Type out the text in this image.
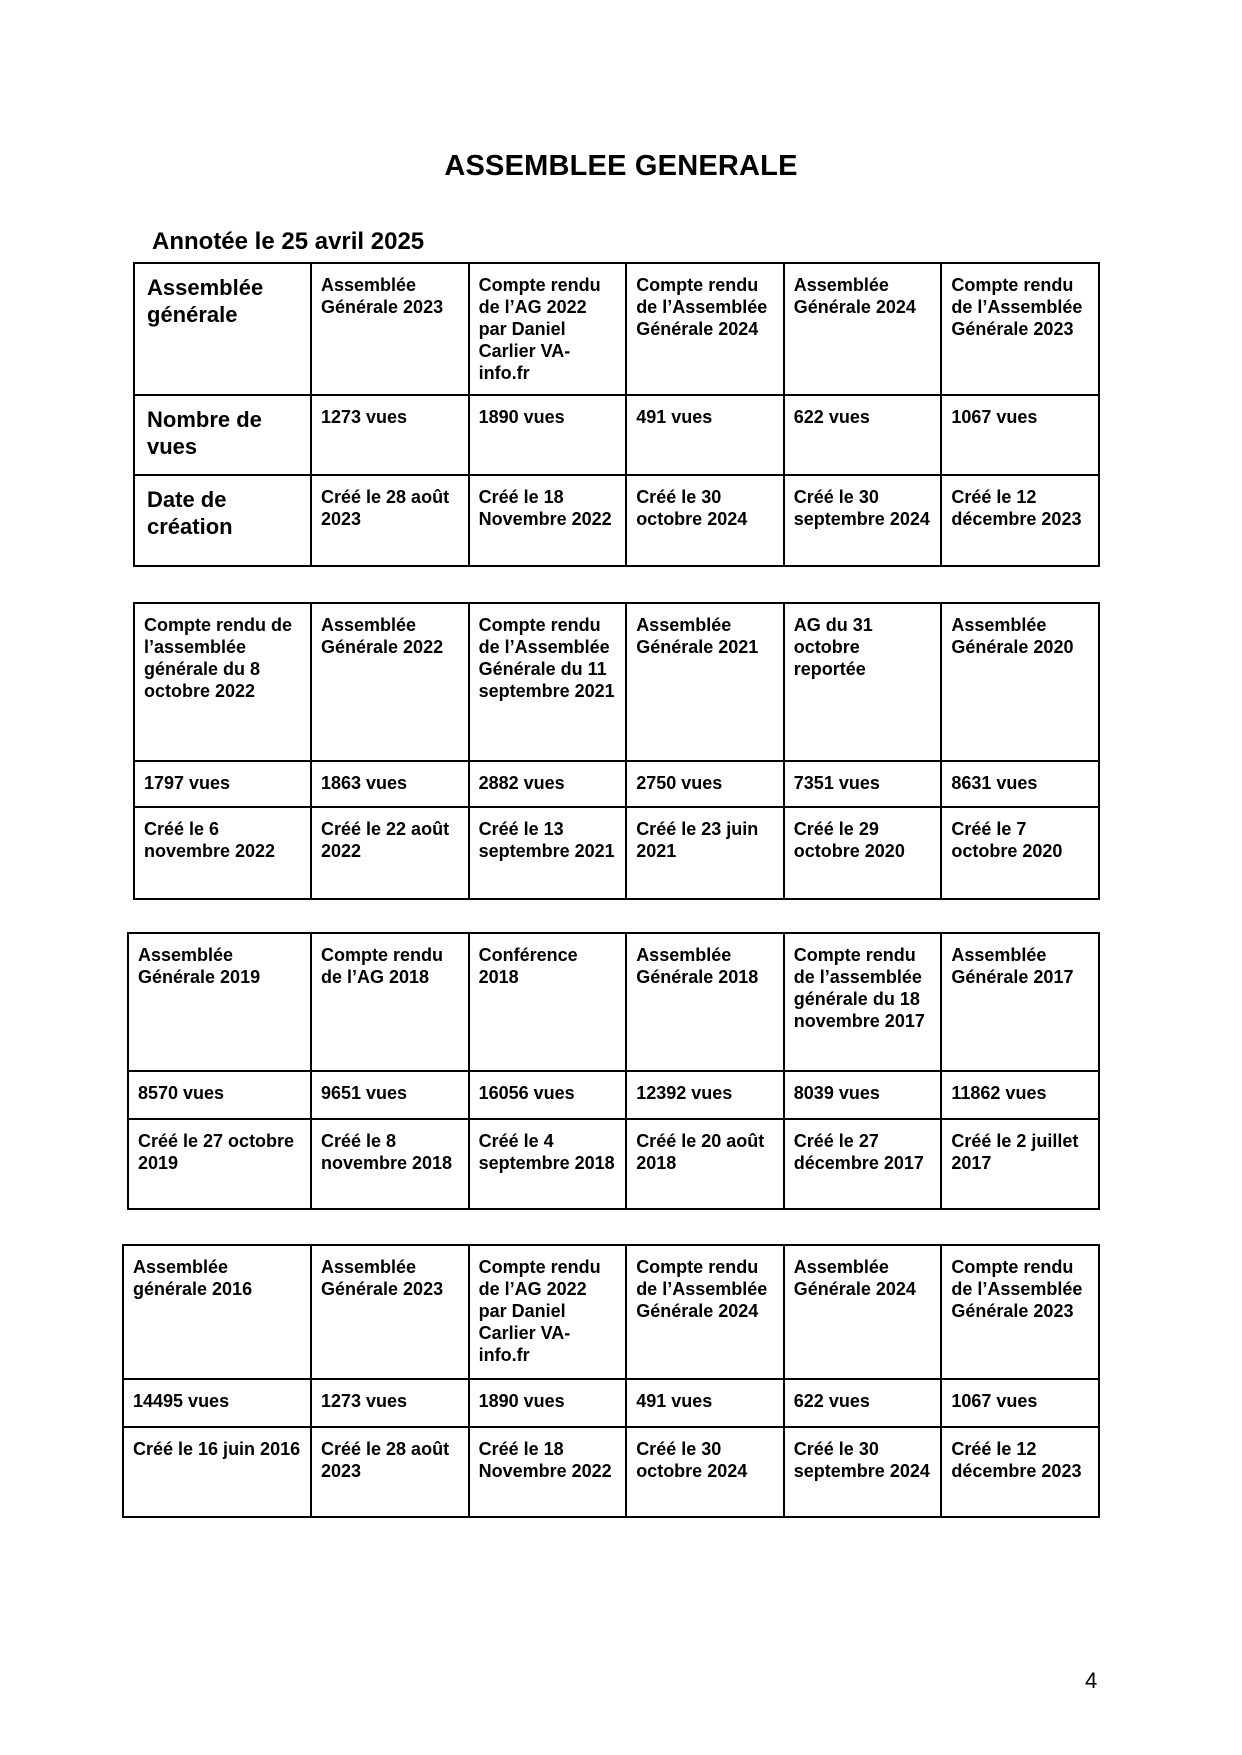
ASSEMBLEE GENERALE
Annotée le 25 avril 2025
Assemblée générale	Assemblée Générale 2023	Compte rendu de l’AG 2022 par Daniel Carlier VA-info.fr	Compte rendu de l’Assemblée Générale 2024	Assemblée Générale 2024	Compte rendu de l’Assemblée Générale 2023
Nombre de vues	1273 vues	1890 vues	491 vues	622 vues	1067 vues
Date de création	Créé le 28 août 2023	Créé le 18 Novembre 2022	Créé le 30 octobre 2024	Créé le 30 septembre 2024	Créé le 12 décembre 2023
Compte rendu de l’assemblée générale du 8 octobre 2022	Assemblée Générale 2022	Compte rendu de l’Assemblée Générale du 11 septembre 2021	Assemblée Générale 2021	AG du 31 octobre reportée	Assemblée Générale 2020
1797 vues	1863 vues	2882 vues	2750 vues	7351 vues	8631 vues
Créé le 6 novembre 2022	Créé le 22 août 2022	Créé le 13 septembre 2021	Créé le 23 juin 2021	Créé le 29 octobre 2020	Créé le 7 octobre 2020
Assemblée Générale 2019	Compte rendu de l’AG 2018	Conférence 2018	Assemblée Générale 2018	Compte rendu de l’assemblée générale du 18 novembre 2017	Assemblée Générale 2017
8570 vues	9651 vues	16056 vues	12392 vues	8039 vues	11862 vues
Créé le 27 octobre 2019	Créé le 8 novembre 2018	Créé le 4 septembre 2018	Créé le 20 août 2018	Créé le 27 décembre 2017	Créé le 2 juillet 2017
Assemblée générale 2016	Assemblée Générale 2023	Compte rendu de l’AG 2022 par Daniel Carlier VA-info.fr	Compte rendu de l’Assemblée Générale 2024	Assemblée Générale 2024	Compte rendu de l’Assemblée Générale 2023
14495 vues	1273 vues	1890 vues	491 vues	622 vues	1067 vues
Créé le 16 juin 2016	Créé le 28 août 2023	Créé le 18 Novembre 2022	Créé le 30 octobre 2024	Créé le 30 septembre 2024	Créé le 12 décembre 2023
4
